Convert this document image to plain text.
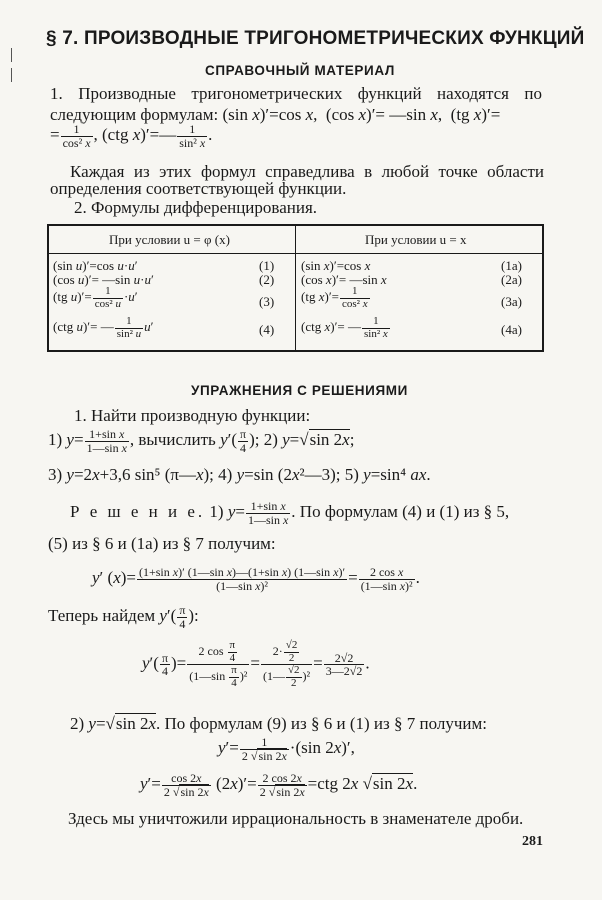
§ 7. ПРОИЗВОДНЫЕ ТРИГОНОМЕТРИЧЕСКИХ ФУНКЦИЙ
СПРАВОЧНЫЙ МАТЕРИАЛ
1. Производные тригонометрических функций находятся по
следующим формулам: (sin x)′=cos x,  (cos x)′= —sin x,  (tg x)′=
= $\frac{1}{\text{cos² x}}$ , (ctg x)′=— $\frac{1}{\text{sin² x}}$ .
Каждая из этих формул справедлива в любой точке области
определения соответствующей функции.
2. Формулы дифференцирования.
При условии u = φ (x)	При условии u = x
(sin u)′=cos u·u′	(1)
(cos u)′= —sin u·u′	(2)
(tg $u)'= \frac{1}{\text{cos² u}} \cdot u'$	(3)
(ctg u)′= — $\frac{1}{\text{sin² u}} u'$	(4)
(sin x)′=cos x	(1a)
(cos x)′= —sin x	(2a)
(tg $x)'= \frac{1}{\text{cos² x}}$	(3a)
(ctg x)′= — $\frac{1}{\text{sin² x}}$	(4a)
УПРАЖНЕНИЯ С РЕШЕНИЯМИ
1. Найти производную функции:
1) $y= \frac{\text{1+sin x}}{\text{1—sin x}}$ , вычислить $y'( \frac{\pi}{4}$ ); 2) y=√sin 2x;
3) y=2x+3,6 sin⁵ (π—x); 4) y=sin (2x²—3); 5) y=sin⁴ ax.
Р е ш е н и е. 1) $y= \frac{\text{1+sin x}}{\text{1—sin x}}$ . По формулам (4) и (1) из § 5,
(5) из § 6 и (1а) из § 7 получим:
y′ $(x)= \frac{\text{(1+sin x)′ (1—sin x)—(1+sin x) (1—sin x)′}}{\text{(1—sin x)²}} = \frac{\text{2 cos x}}{\text{(1—sin x)²}}$ .
Теперь найдем $y'( \frac{\pi}{4}$ ):
$y'( \frac{\pi}{4}$ )= $\frac{2 \cos \frac{\pi}{4}}{(1—\sin \frac{\pi}{4} )^2} = \frac{2\cdot \frac{√2}{2}}{(1— \frac{√2}{2} )^2} = \frac{2√2}{3—2√2}$ .
2) y=√sin 2x. По формулам (9) из § 6 и (1) из § 7 получим:
$y'= \frac{1}{2 √\sin 2x} \cdot(\sin$ 2x)′,
$y'= \frac{\cos 2x}{2 √\sin 2x} (2x)'= \frac{2 \cos 2x}{2 √\sin 2x} =ctg$ 2x √sin 2x.
Здесь мы уничтожили иррациональность в знаменателе дроби.
281
